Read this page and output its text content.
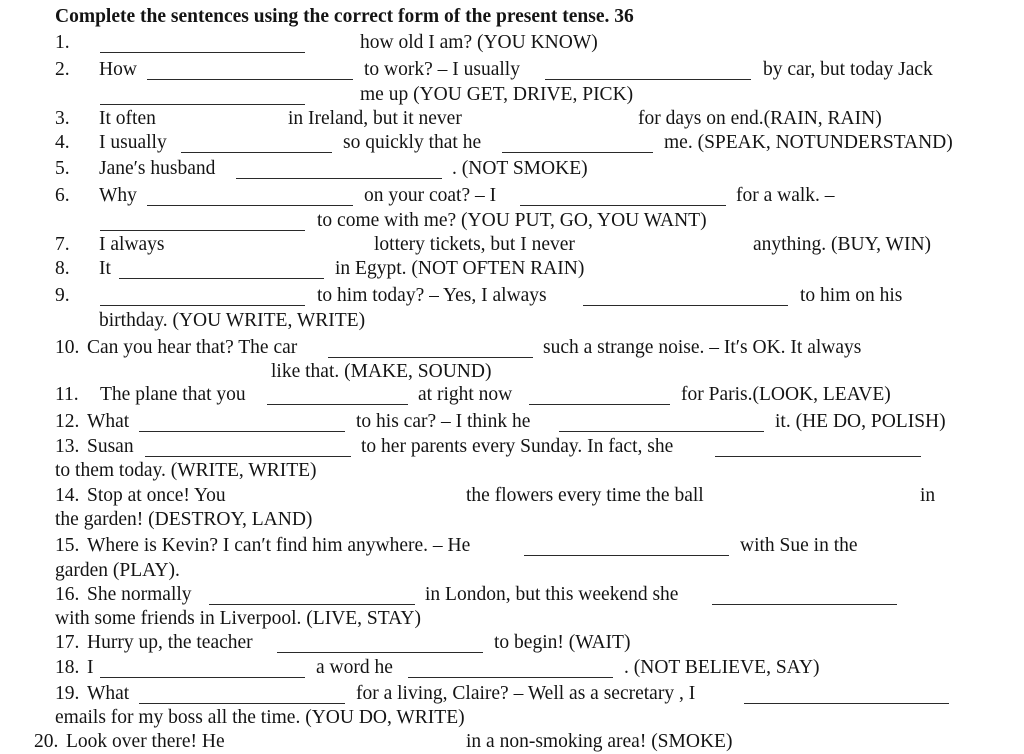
Complete the sentences using the correct form of the present tense. 36
1.	how old I am? (YOU KNOW)
2. How	to work? – I usually	by car, but today Jack
me up (YOU GET, DRIVE, PICK)
3. It often	in Ireland, but it never	for days on end.(RAIN, RAIN)
4. I usually	so quickly that he	me. (SPEAK, NOTUNDERSTAND)
5. Jane′s husband	. (NOT SMOKE)
6. Why	on your coat? – I	for a walk. –
to come with me? (YOU PUT, GO, YOU WANT)
7. I always	lottery tickets, but I never	anything. (BUY, WIN)
8. It	in Egypt. (NOT OFTEN RAIN)
9.	to him today? – Yes, I always	to him on his
birthday. (YOU WRITE, WRITE)
10. Can you hear that? The car	such a strange noise. – It′s OK. It always
like that. (MAKE, SOUND)
11. The plane that you	at right now	for Paris.(LOOK, LEAVE)
12. What	to his car? – I think he	it. (HE DO, POLISH)
13. Susan	to her parents every Sunday. In fact, she
to them today. (WRITE, WRITE)
14. Stop at once! You	the flowers every time the ball	in
the garden! (DESTROY, LAND)
15. Where is Kevin? I can′t find him anywhere. – He	with Sue in the
garden (PLAY).
16. She normally	in London, but this weekend she
with some friends in Liverpool. (LIVE, STAY)
17. Hurry up, the teacher	to begin! (WAIT)
18. I	a word he	. (NOT BELIEVE, SAY)
19. What	for a living, Claire? – Well as a secretary , I
emails for my boss all the time. (YOU DO, WRITE)
20. Look over there! He	in a non-smoking area! (SMOKE)
